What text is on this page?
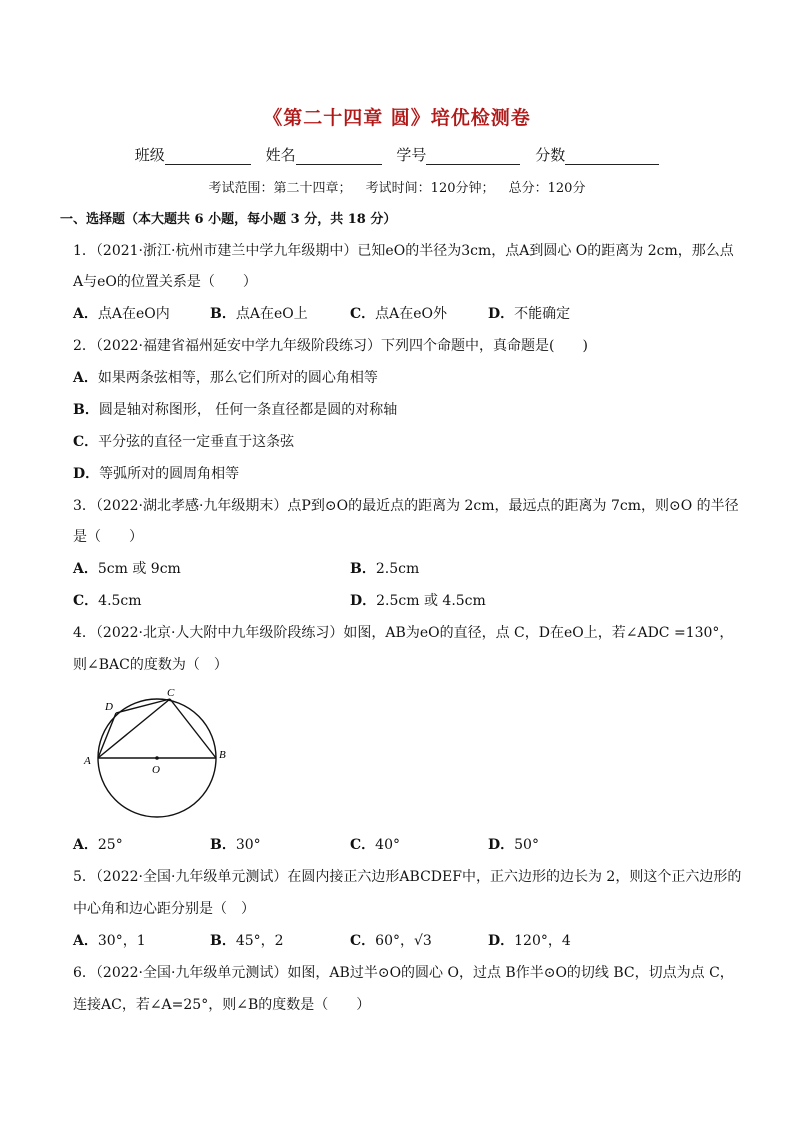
《第二十四章 圆》培优检测卷
班级	姓名	学号	分数
考试范围：第二十四章； 考试时间：120分钟； 总分：120分
一、选择题（本大题共 6 小题，每小题 3 分，共 18 分）
1．（2021·浙江·杭州市建兰中学九年级期中）已知eO的半径为3cm，点A到圆心 O的距离为 2cm，那么点
A与eO的位置关系是（　　）
A．点A在eO内	B．点A在eO上	C．点A在eO外	D．不能确定
2．（2022·福建省福州延安中学九年级阶段练习）下列四个命题中，真命题是(　　)
A．如果两条弦相等，那么它们所对的圆心角相等
B．圆是轴对称图形， 任何一条直径都是圆的对称轴
C．平分弦的直径一定垂直于这条弦
D．等弧所对的圆周角相等
3．（2022·湖北孝感·九年级期末）点P到⊙O的最近点的距离为 2cm，最远点的距离为 7cm，则⊙O 的半径
是（　　）
A．5cm 或 9cm	B．2.5cm
C．4.5cm	D．2.5cm 或 4.5cm
4．（2022·北京·人大附中九年级阶段练习）如图，AB为eO的直径，点 C，D在eO上，若∠ADC =130°，
则∠BAC的度数为（　）
A	B
C
D
O
A．25°	B．30°	C．40°	D．50°
5．（2022·全国·九年级单元测试）在圆内接正六边形ABCDEF中，正六边形的边长为 2，则这个正六边形的
中心角和边心距分别是（　）
A．30°，1	B．45°，2	C．60°，√3	D．120°，4
6．（2022·全国·九年级单元测试）如图，AB过半⊙O的圆心 O，过点 B作半⊙O的切线 BC，切点为点 C，
连接AC，若∠A=25°，则∠B的度数是（　　）
